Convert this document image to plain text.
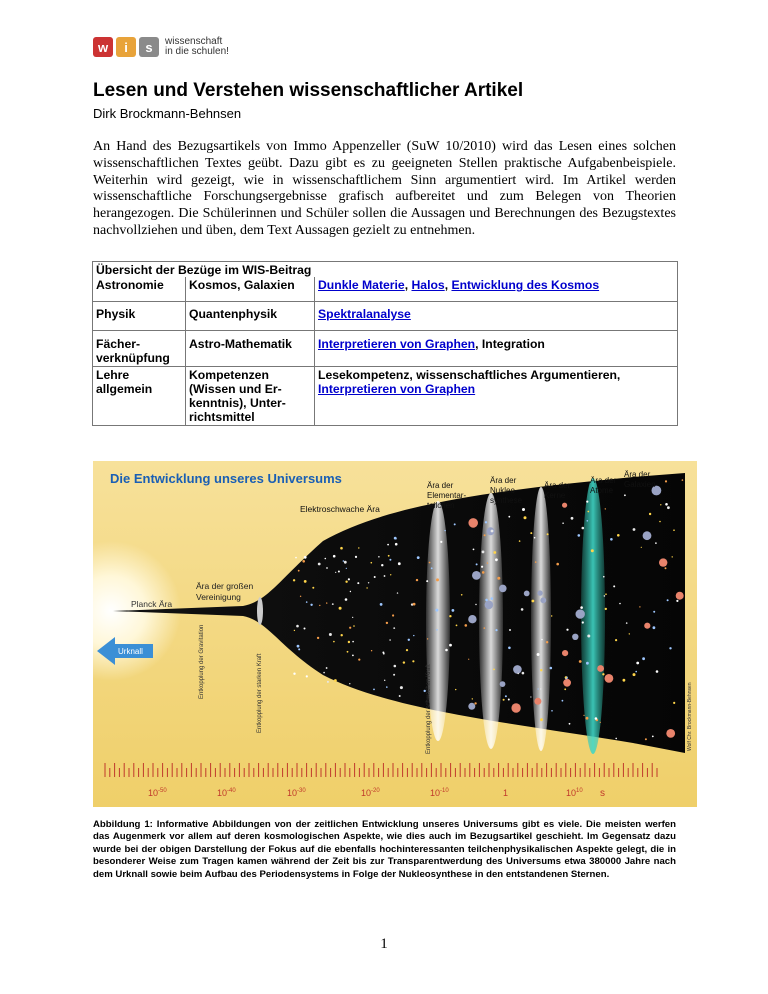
w	i	s	wissenschaft
in die schulen!
Lesen und Verstehen wissenschaftlicher Artikel
Dirk Brockmann-Behnsen

An Hand des Bezugsartikels von Immo Appenzeller (SuW 10/2010) wird das Lesen eines solchen wissenschaftlichen Textes geübt. Dazu gibt es zu geeigneten Stellen praktische Aufgabenbeispiele. Weiterhin wird gezeigt, wie in wissenschaftlichem Sinn argumentiert wird. Im Artikel werden wissenschaftliche Forschungsergebnisse grafisch aufbereitet und zum Belegen von Theorien herangezogen. Die Schülerinnen und Schüler sollen die Aussagen und Berechnungen des Bezugstextes nachvollziehen und üben, dem Text Aussagen gezielt zu entnehmen.

Übersicht der Bezüge im WIS-Beitrag		
Astronomie	Kosmos, Galaxien	Dunkle Materie, Halos, Entwicklung des Kosmos
Physik	Quantenphysik	Spektralanalyse
Fächerverknüpfung	Astro-Mathematik	Interpretieren von Graphen, Integration
Lehre allgemein	Kompetenzen (Wissen und Erkenntnis), Unterrichtsmittel	Lesekompetenz, wissenschaftliches Argumentieren, Interpretieren von Graphen
Die Entwicklung unseres Universums
Planck Ära
Ära der großen
Vereinigung
Elektroschwache Ära
Ära der
Elementar-
teilchen
Ära der
Nukleo-
synthese
Ära der
Kerne
Ära der
Atome
Ära der
Galaxien
Urknall	Entkopplung der Gravitation	Entkopplung der starken Kraft	Entkopplung der schwachen Kraft	Wolf Chr. Brockmann-Behnsen
$10^{-50}$	$10^{-40}$	$10^{-30}$	$10^{-20}$	$10^{-10}$	1	$10^{10}$ s
Abbildung 1: Informative Abbildungen von der zeitlichen Entwicklung unseres Universums gibt es viele. Die meisten werfen das Augenmerk vor allem auf deren kosmologischen Aspekte, wie dies auch im Bezugsartikel geschieht. Im Gegensatz dazu wurde bei der obigen Darstellung der Fokus auf die ebenfalls hochinteressanten teilchenphysikalischen Aspekte gelegt, die in besonderer Weise zum Tragen kamen während der Zeit bis zur Transparentwerdung des Universums etwa 380000 Jahre nach dem Urknall sowie beim Aufbau des Periodensystems in Folge der Nukleosynthese in den entstandenen Sternen.
1
